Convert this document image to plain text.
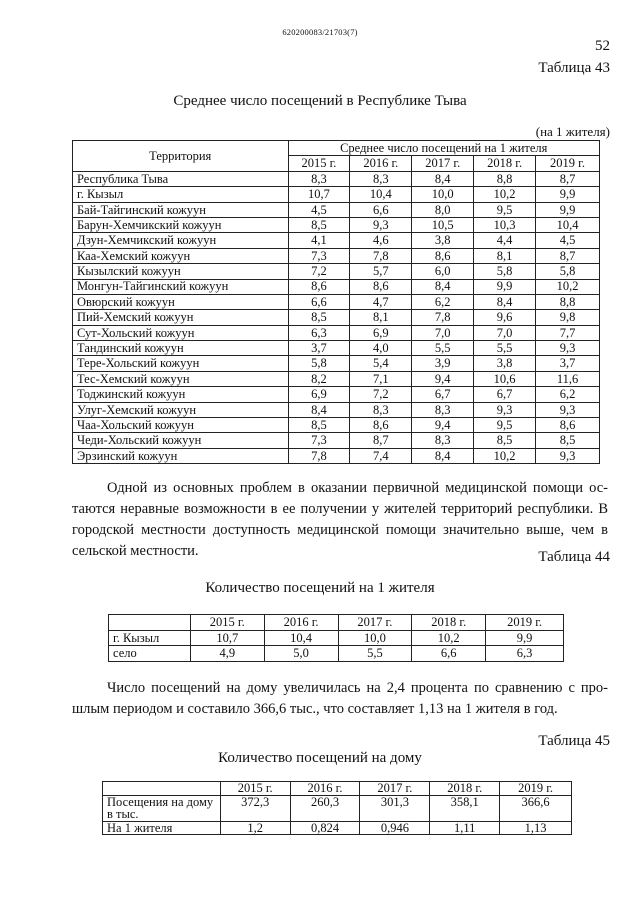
620200083/21703(7)
52
Таблица 43
Среднее число посещений в Республике Тыва
(на 1 жителя)
Территория	Среднее число посещений на 1 жителя				
	2015 г.	2016 г.	2017 г.	2018 г.	2019 г.
Республика Тыва	8,3	8,3	8,4	8,8	8,7
г. Кызыл	10,7	10,4	10,0	10,2	9,9
Бай-Тайгинский кожуун	4,5	6,6	8,0	9,5	9,9
Барун-Хемчикский кожуун	8,5	9,3	10,5	10,3	10,4
Дзун-Хемчикский кожуун	4,1	4,6	3,8	4,4	4,5
Каа-Хемский кожуун	7,3	7,8	8,6	8,1	8,7
Кызылский кожуун	7,2	5,7	6,0	5,8	5,8
Монгун-Тайгинский кожуун	8,6	8,6	8,4	9,9	10,2
Овюрский кожуун	6,6	4,7	6,2	8,4	8,8
Пий-Хемский кожуун	8,5	8,1	7,8	9,6	9,8
Сут-Хольский кожуун	6,3	6,9	7,0	7,0	7,7
Тандинский кожуун	3,7	4,0	5,5	5,5	9,3
Тере-Хольский кожуун	5,8	5,4	3,9	3,8	3,7
Тес-Хемский кожуун	8,2	7,1	9,4	10,6	11,6
Тоджинский кожуун	6,9	7,2	6,7	6,7	6,2
Улуг-Хемский кожуун	8,4	8,3	8,3	9,3	9,3
Чаа-Хольский кожуун	8,5	8,6	9,4	9,5	8,6
Чеди-Хольский кожуун	7,3	8,7	8,3	8,5	8,5
Эрзинский кожуун	7,8	7,4	8,4	10,2	9,3
Одной из основных проблем в оказании первичной медицинской помощи ос-
таются неравные возможности в ее получении у жителей территорий республики. В
городской местности доступность медицинской помощи значительно выше, чем в
сельской местности.	Таблица 44
Количество посещений на 1 жителя
	2015 г.	2016 г.	2017 г.	2018 г.	2019 г.
г. Кызыл	10,7	10,4	10,0	10,2	9,9
село	4,9	5,0	5,5	6,6	6,3
Число посещений на дому увеличилась на 2,4 процента по сравнению с про-
шлым периодом и составило 366,6 тыс., что составляет 1,13 на 1 жителя в год.
Таблица 45
Количество посещений на дому
	2015 г.	2016 г.	2017 г.	2018 г.	2019 г.

Посещения на дому
в тыс.	372,3	260,3	301,3	358,1	366,6

На 1 жителя	1,2	0,824	0,946	1,11	1,13
